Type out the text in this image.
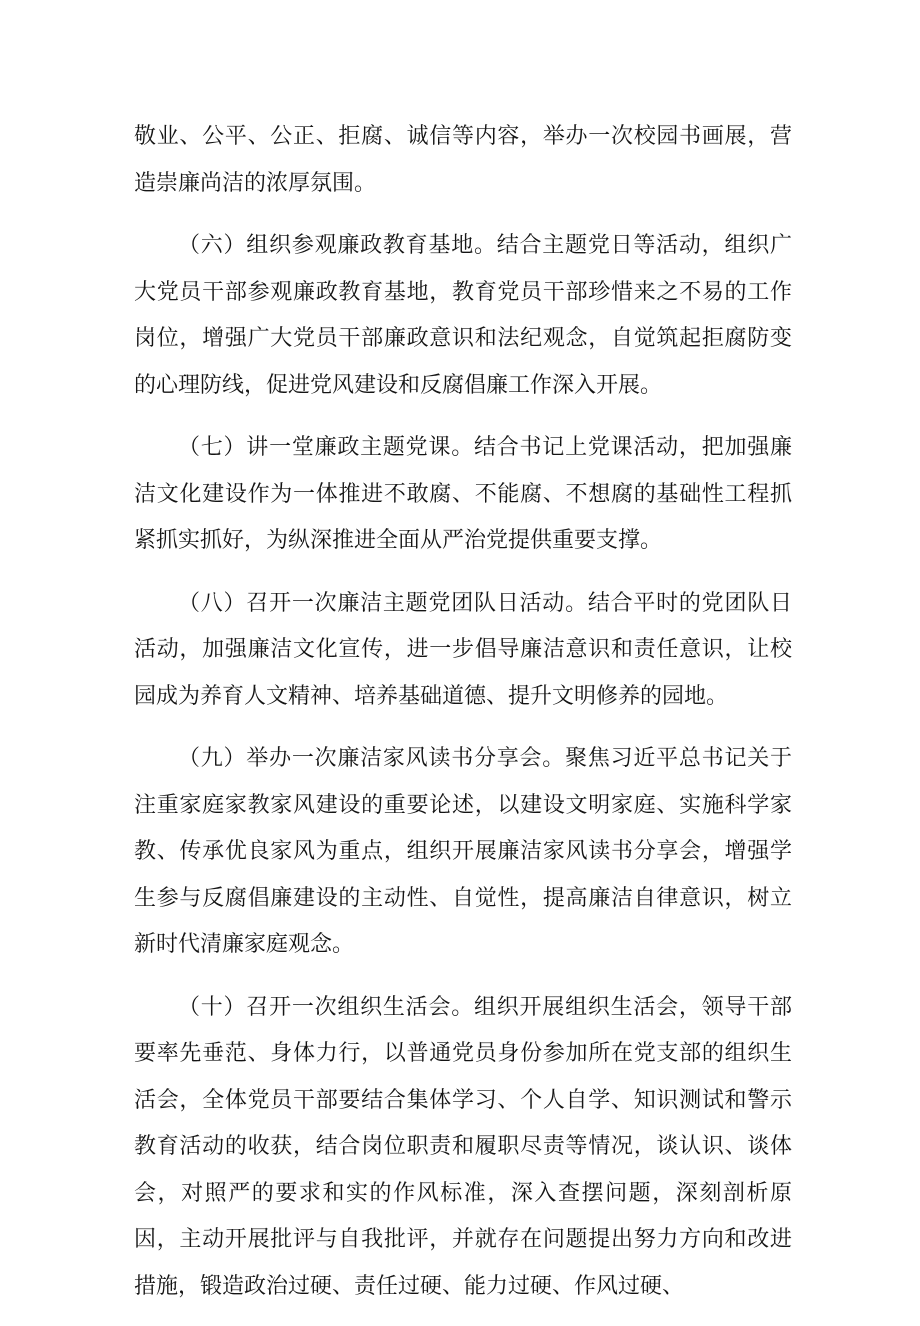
敬业、公平、公正、拒腐、诚信等内容，举办一次校园书画展，营造崇廉尚洁的浓厚氛围。

（六）组织参观廉政教育基地。结合主题党日等活动，组织广大党员干部参观廉政教育基地，教育党员干部珍惜来之不易的工作岗位，增强广大党员干部廉政意识和法纪观念，自觉筑起拒腐防变的心理防线，促进党风建设和反腐倡廉工作深入开展。

（七）讲一堂廉政主题党课。结合书记上党课活动，把加强廉洁文化建设作为一体推进不敢腐、不能腐、不想腐的基础性工程抓紧抓实抓好，为纵深推进全面从严治党提供重要支撑。

（八）召开一次廉洁主题党团队日活动。结合平时的党团队日活动，加强廉洁文化宣传，进一步倡导廉洁意识和责任意识，让校园成为养育人文精神、培养基础道德、提升文明修养的园地。

（九）举办一次廉洁家风读书分享会。聚焦习近平总书记关于注重家庭家教家风建设的重要论述，以建设文明家庭、实施科学家教、传承优良家风为重点，组织开展廉洁家风读书分享会，增强学生参与反腐倡廉建设的主动性、自觉性，提高廉洁自律意识，树立新时代清廉家庭观念。

（十）召开一次组织生活会。组织开展组织生活会，领导干部要率先垂范、身体力行，以普通党员身份参加所在党支部的组织生活会，全体党员干部要结合集体学习、个人自学、知识测试和警示教育活动的收获，结合岗位职责和履职尽责等情况，谈认识、谈体会，对照严的要求和实的作风标准，深入查摆问题，深刻剖析原因，主动开展批评与自我批评，并就存在问题提出努力方向和改进措施，锻造政治过硬、责任过硬、能力过硬、作风过硬、
